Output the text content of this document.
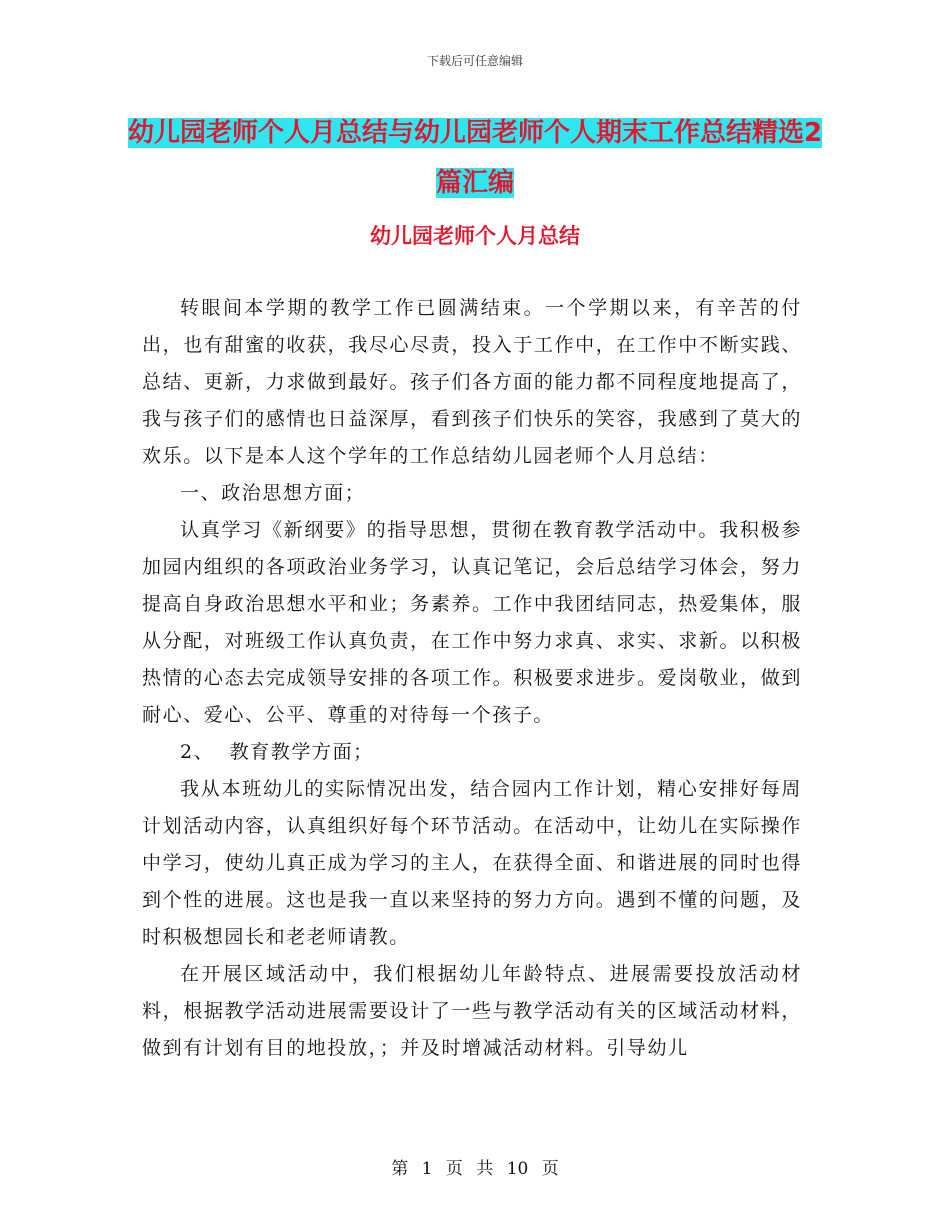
下载后可任意编辑
幼儿园老师个人月总结与幼儿园老师个人期末工作总结精选2篇汇编
幼儿园老师个人月总结

转眼间本学期的教学工作已圆满结束。一个学期以来，有辛苦的付出，也有甜蜜的收获，我尽心尽责，投入于工作中，在工作中不断实践、总结、更新，力求做到最好。孩子们各方面的能力都不同程度地提高了，我与孩子们的感情也日益深厚，看到孩子们快乐的笑容，我感到了莫大的欢乐。以下是本人这个学年的工作总结幼儿园老师个人月总结：

一、政治思想方面；

认真学习《新纲要》的指导思想，贯彻在教育教学活动中。我积极参加园内组织的各项政治业务学习，认真记笔记，会后总结学习体会，努力提高自身政治思想水平和业；务素养。工作中我团结同志，热爱集体，服从分配，对班级工作认真负责，在工作中努力求真、求实、求新。以积极热情的心态去完成领导安排的各项工作。积极要求进步。爱岗敬业，做到耐心、爱心、公平、尊重的对待每一个孩子。

2、  教育教学方面；

我从本班幼儿的实际情况出发，结合园内工作计划，精心安排好每周计划活动内容，认真组织好每个环节活动。在活动中，让幼儿在实际操作中学习，使幼儿真正成为学习的主人，在获得全面、和谐进展的同时也得到个性的进展。这也是我一直以来坚持的努力方向。遇到不懂的问题，及时积极想园长和老老师请教。

在开展区域活动中，我们根据幼儿年龄特点、进展需要投放活动材料，根据教学活动进展需要设计了一些与教学活动有关的区域活动材料，做到有计划有目的地投放，；并及时增减活动材料。引导幼儿

第 1 页 共 10 页
